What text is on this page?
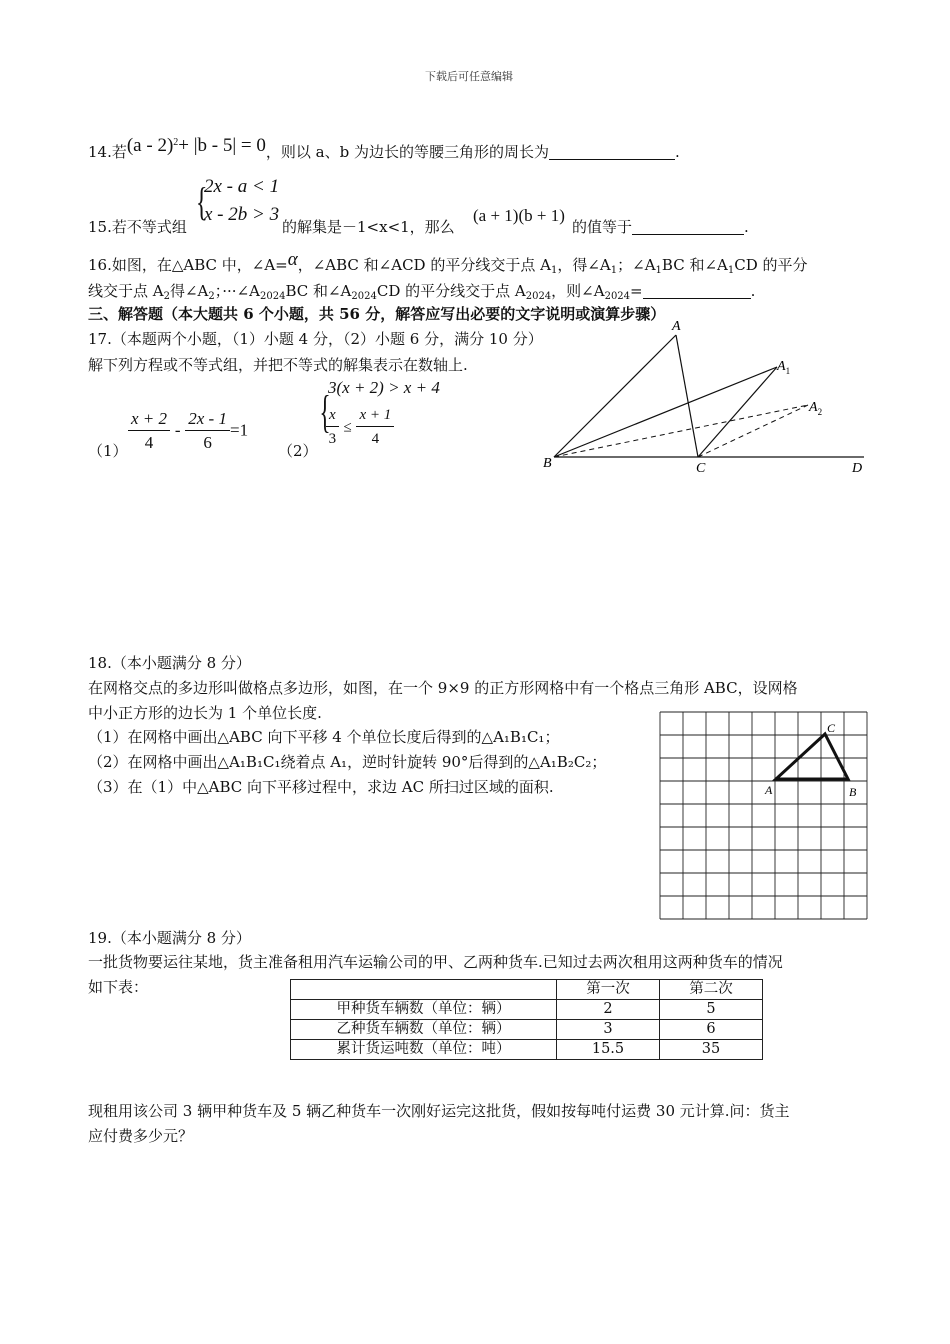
下载后可任意编辑
14.若(a - 2)$^2$+ |b - 5| = 0，则以 a、b 为边长的等腰三角形的周长为	.
15.若不等式组
{
2x - a < 1
x - 2b > 3
的解集是－1<x<1，那么
(a + 1)(b + 1)
的值等于	.
16.如图，在△ABC 中，∠A=α，∠ABC 和∠ACD 的平分线交于点 $A_1$，得$\angle A_1$；$\angle A_1BC$ 和$\angle A_1CD$ 的平分
线交于点 $A_2$得$\angle A_2$；$\cdot\cdot\cdot\angle A_{2024}BC$ 和$\angle A_{2024}CD$ 的平分线交于点 $A_{2024}$，则$\angle A_{2024}=$	.
三、解答题（本大题共 6 个小题，共 56 分，解答应写出必要的文字说明或演算步骤）
17.（本题两个小题，（1）小题 4 分，（2）小题 6 分，满分 10 分）
解下列方程或不等式组，并把不等式的解集表示在数轴上.
$(1) \frac{x + 2}{4} - \frac{2x - 1}{6} =1$
（2）
{
3(x + 2) > x + 4
$\frac{x}{3} \le \frac{x + 1}{4}$
A
$A_1$
$A_2$
B	C	D
18.（本小题满分 8 分）
在网格交点的多边形叫做格点多边形，如图，在一个 9×9 的正方形网格中有一个格点三角形 ABC，设网格
中小正方形的边长为 1 个单位长度.
（1）在网格中画出△ABC 向下平移 4 个单位长度后得到的△A₁B₁C₁；
（2）在网格中画出△A₁B₁C₁绕着点 A₁，逆时针旋转 90°后得到的△A₁B₂C₂；
（3）在（1）中△ABC 向下平移过程中，求边 AC 所扫过区域的面积.	A	B
C
19.（本小题满分 8 分）
一批货物要运往某地，货主准备租用汽车运输公司的甲、乙两种货车.已知过去两次租用这两种货车的情况
如下表：
		第一次	第二次
甲种货车辆数（单位：辆）	2	5
乙种货车辆数（单位：辆）	3	6
累计货运吨数（单位：吨）	15.5	35
现租用该公司 3 辆甲种货车及 5 辆乙种货车一次刚好运完这批货，假如按每吨付运费 30 元计算.问：货主
应付费多少元？
